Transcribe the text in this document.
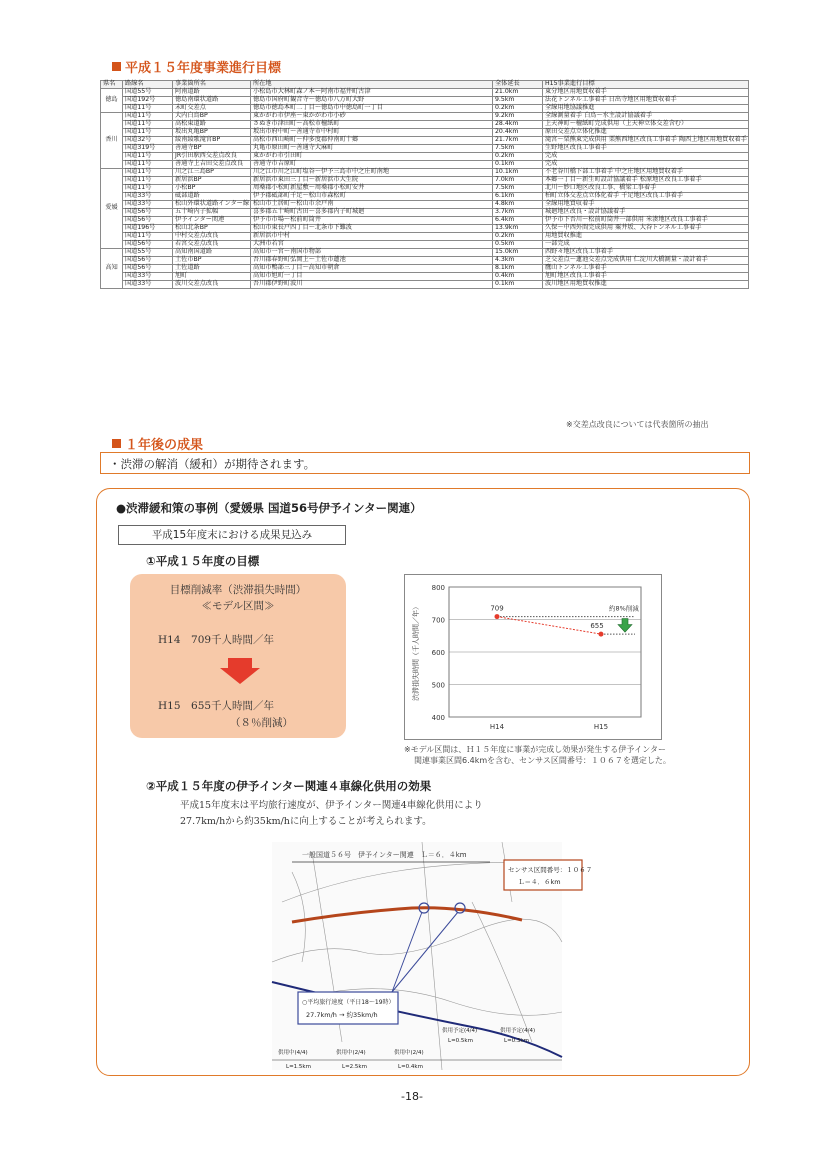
平成１５年度事業進行目標
県名	路線名	事業箇所名	所在地	全体延長	H15事業進行目標
徳島	国道55号	阿南道路	小松島市大林町森ノ本～阿南市福井町古津	21.0km	東分地区用地買収着手
	国道192号	徳島南環状道路	徳島市国府町観音寺～徳島市八万町大野	9.5km	法花トンネル工事着手 日出寺地区用地買収着手
	国道11号	末町交差点	徳島市徳島本町二丁目～徳島市中徳島町一丁目	0.2km	全線用地協議推進
香川	国道11号	大内白鳥BP	東かがわ市伊座～東かがわ市小砂	9.2km	全線測量着手 白鳥～水主設計協議着手
	国道11号	高松東道路	さぬき市津田町～高松市檀紙町	28.4km	上天神町～檀紙町完成供用（上天神立体交差含む）
	国道11号	坂出丸亀BP	坂出市府中町～善通寺市中村町	20.4km	原田交差点立体化推進
	国道32号	綾南綾歌滝宮BP	高松市西山崎町～仲多度郡仲南町十郷	21.7km	滝宮～栗熊東完成供用 栗熊西地区改良工事着手 陶西上地区用地買収着手
	国道319号	善通寺BP	丸亀市原田町～善通寺大麻町	7.5km	生野地区改良工事着手
	国道11号	JR引田駅西交差点改良	東かがわ市引田町	0.2km	完成
	国道11号	善通寺上吉田交差点改良	善通寺市吉原町	0.1km	完成
愛媛	国道11号	川之江三島BP	川之江市川之江町塩谷～伊予三島市中之庄町南地	10.1km	不老谷川橋下部工事着手 中之庄地区用地買収着手
	国道11号	新居浜BP	新居浜市東田三丁目～新居浜市大生院	7.0km	本郷一丁目～新生町設計協議着手 松原地区改良工事着手
	国道11号	小松BP	周桑郡小松町新屋敷～周桑郡小松町安井	7.5km	北川～妙口地区改良工事、橋梁工事着手
	国道33号	砥部道路	伊予郡砥部町千足～松山市森松町	6.1km	柏町立体交差点立体化着手 千足地区改良工事着手
	国道33号	松山外環状道路インター線	松山市土居町～松山市余戸南	4.8km	全線用地買収着手
	国道56号	五十崎内子拡幅	喜多郡五十崎町古田～喜多郡内子町城廻	3.7km	城廻地区改良・設計協議着手
	国道56号	伊予インター関連	伊予市市場～松前町筒井	6.4km	伊予市下吾川～松前町筒井一部供用 米湊地区改良工事着手
	国道196号	松山北条BP	松山市東長戸四丁目～北条市下難波	13.9km	久保～中西外間完成供用 粟井坂、大谷トンネル工事着手
	国道11号	中村交差点改良	新居浜市中村	0.2km	用地買収推進
	国道56号	若宮交差点改良	大洲市若宮	0.5km	一部完成
高知	国道55号	高知南国道路	高知市一宮～南国市物部	15.0km	西野々地区改良工事着手
	国道56号	土佐市BP	吾川郡春野町弘岡上～土佐市蓮池	4.3km	芝交差点～蓮池交差点完成供用 仁淀川大橋測量・設計着手
	国道56号	土佐道路	高知市鴨部三丁目～高知市朝倉	8.1km	鷹山トンネル工事着手
	国道33号	旭町	高知市旭町一丁目	0.4km	旭町地区改良工事着手
	国道33号	波川交差点改良	吾川郡伊野町波川	0.1km	波川地区用地買収推進
※交差点改良については代表箇所の抽出
１年後の成果
・渋滞の解消（緩和）が期待されます。
●渋滞緩和策の事例（愛媛県 国道56号伊予インター関連）
平成15年度末における成果見込み
①平成１５年度の目標
目標削減率（渋滞損失時間）
≪モデル区間≫
H14　709千人時間／年
H15　655千人時間／年
（８％削減）	400
500
600
700
800
H14	H15
709
655
約8%削減
渋滞損失時間（千人時間／年）
※モデル区間は、Ｈ１５年度に事業が完成し効果が発生する伊予インター
関連事業区間6.4kmを含む、センサス区間番号：１０６７を選定した。
②平成１５年度の伊予インター関連４車線化供用の効果
平成15年度末は平均旅行速度が、伊予インター関連4車線化供用により
27.7km/hから約35km/hに向上することが考えられます。
一般国道５６号　伊予インター関連　Ｌ＝６．４km
センサス区間番号：１０６７
Ｌ＝４．６km
○平均旅行速度（平日18～19時）
27.7km/h → 約35km/h
供用中(4/4)	供用中(2/4)	供用中(2/4)
供用予定(4/4)	供用予定(4/4)
L=1.5km	L=2.5km	L=0.4km
L=0.5km	L=0.3km
-18-
